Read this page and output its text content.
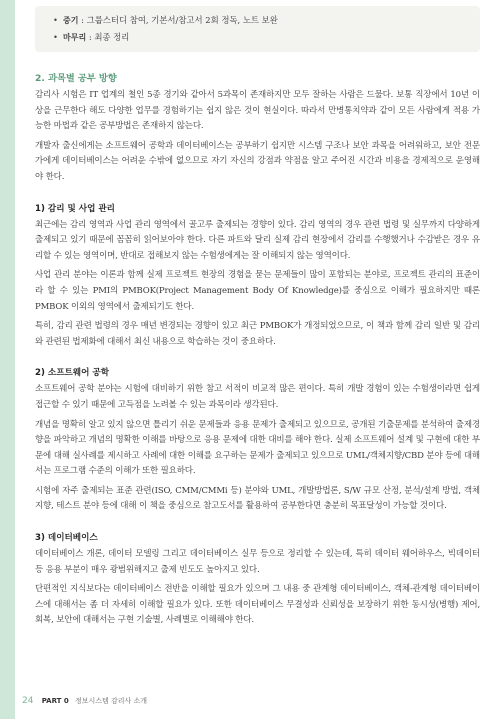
• 중기 : 그룹스터디 참여, 기본서/참고서 2회 정독, 노트 보완
• 마무리 : 최종 정리
2. 과목별 공부 방향

감리사 시험은 IT 업계의 철인 5종 경기와 같아서 5과목이 존재하지만 모두 잘하는 사람은 드물다. 보통 직장에서 10년 이상을 근무한다 해도 다양한 업무를 경험하기는 쉽지 않은 것이 현실이다. 따라서 만병통치약과 같이 모든 사람에게 적용 가능한 마법과 같은 공부방법은 존재하지 않는다.

개발자 출신에게는 소프트웨어 공학과 데이터베이스는 공부하기 쉽지만 시스템 구조나 보안 과목을 어려워하고, 보안 전문가에게 데이터베이스는 어려운 수밖에 없으므로 자기 자신의 강점과 약점을 알고 주어진 시간과 비용을 경제적으로 운영해야 한다.

1) 감리 및 사업 관리

최근에는 감리 영역과 사업 관리 영역에서 골고루 출제되는 경향이 있다. 감리 영역의 경우 관련 법령 및 실무까지 다양하게 출제되고 있기 때문에 꼼꼼히 읽어보아야 한다. 다른 파트와 달리 실제 감리 현장에서 감리를 수행했거나 수감받은 경우 유리할 수 있는 영역이며, 반대로 접해보지 않는 수험생에게는 잘 이해되지 않는 영역이다.

사업 관리 분야는 이론과 함께 실제 프로젝트 현장의 경험을 묻는 문제들이 많이 포함되는 분야로, 프로젝트 관리의 표준이라 할 수 있는 PMI의 PMBOK(Project Management Body Of Knowledge)를 중심으로 이해가 필요하지만 때론 PMBOK 이외의 영역에서 출제되기도 한다.

특히, 감리 관련 법령의 경우 매년 변경되는 경향이 있고 최근 PMBOK가 개정되었으므로, 이 책과 함께 감리 일반 및 감리와 관련된 법제화에 대해서 최신 내용으로 학습하는 것이 중요하다.

2) 소프트웨어 공학

소프트웨어 공학 분야는 시험에 대비하기 위한 참고 서적이 비교적 많은 편이다. 특히 개발 경험이 있는 수험생이라면 쉽게 접근할 수 있기 때문에 고득점을 노려볼 수 있는 과목이라 생각된다.

개념을 명확히 알고 있지 않으면 틀리기 쉬운 문제들과 응용 문제가 출제되고 있으므로, 공개된 기출문제를 분석하여 출제경향을 파악하고 개념의 명확한 이해를 바탕으로 응용 문제에 대한 대비를 해야 한다. 실제 소프트웨어 설계 및 구현에 대한 부문에 대해 실사례를 제시하고 사례에 대한 이해를 요구하는 문제가 출제되고 있으므로 UML/객체지향/CBD 분야 등에 대해서는 프로그램 수준의 이해가 또한 필요하다.

시험에 자주 출제되는 표준 관련(ISO, CMM/CMMi 등) 분야와 UML, 개발방법론, S/W 규모 산정, 분석/설계 방법, 객체지향, 테스트 분야 등에 대해 이 책을 중심으로 참고도서를 활용하여 공부한다면 충분히 목표달성이 가능할 것이다.

3) 데이터베이스

데이터베이스 개론, 데이터 모델링 그리고 데이터베이스 실무 등으로 정리할 수 있는데, 특히 데이터 웨어하우스, 빅데이터 등 응용 부분이 매우 광범위해지고 출제 빈도도 높아지고 있다.

단편적인 지식보다는 데이터베이스 전반을 이해할 필요가 있으며 그 내용 중 관계형 데이터베이스, 객체-관계형 데이터베이스에 대해서는 좀 더 자세히 이해할 필요가 있다. 또한 데이터베이스 무결성과 신뢰성을 보장하기 위한 동시성(병행) 제어, 회복, 보안에 대해서는 구현 기술별, 사례별로 이해해야 한다.

24 PART 0 정보시스템 감리사 소개
